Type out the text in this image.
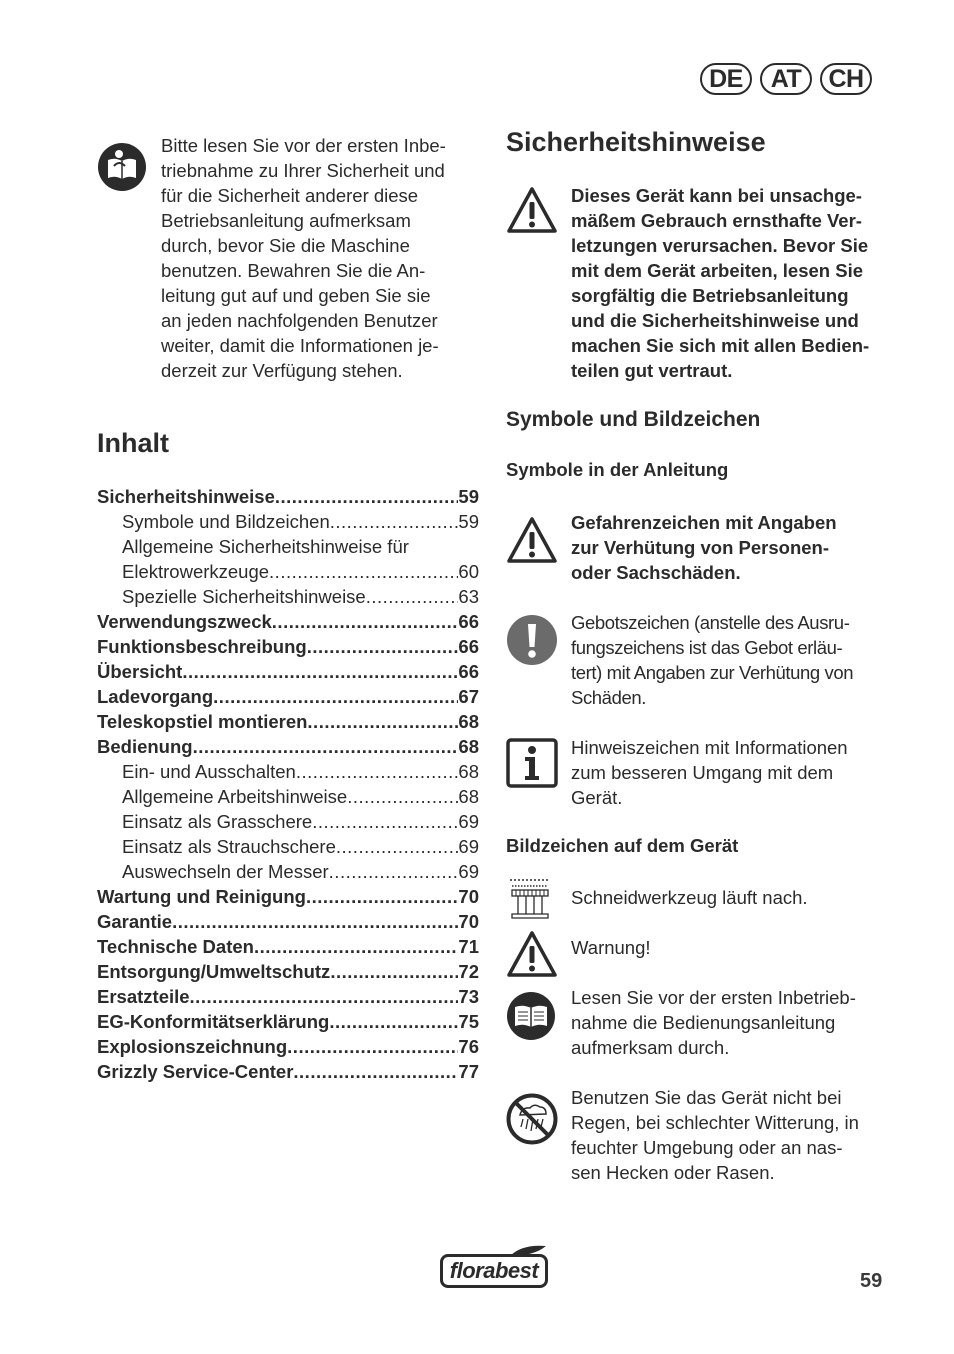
DE	AT	CH
Bitte lesen Sie vor der ersten Inbe-
triebnahme zu Ihrer Sicherheit und
für die Sicherheit anderer diese
Betriebsanleitung aufmerksam
durch, bevor Sie die Maschine
benutzen. Bewahren Sie die An-
leitung gut auf und geben Sie sie
an jeden nachfolgenden Benutzer
weiter, damit die Informationen je-
derzeit zur Verfügung stehen.
Inhalt
Sicherheitshinweise .....	59
Symbole und Bildzeichen .....	59
Allgemeine Sicherheitshinweise für
Elektrowerkzeuge .....	60
Spezielle Sicherheitshinweise .....	63
Verwendungszweck .....	66
Funktionsbeschreibung .....	66
Übersicht .....	66
Ladevorgang .....	67
Teleskopstiel montieren .....	68
Bedienung .....	68
Ein- und Ausschalten .....	68
Allgemeine Arbeitshinweise .....	68
Einsatz als Grasschere .....	69
Einsatz als Strauchschere .....	69
Auswechseln der Messer .....	69
Wartung und Reinigung .....	70
Garantie .....	70
Technische Daten .....	71
Entsorgung/Umweltschutz .....	72
Ersatzteile .....	73
EG-Konformitätserklärung .....	75
Explosionszeichnung .....	76
Grizzly Service-Center .....	77
Sicherheitshinweise
Dieses Gerät kann bei unsachge-
mäßem Gebrauch ernsthafte Ver-
letzungen verursachen. Bevor Sie
mit dem Gerät arbeiten, lesen Sie
sorgfältig die Betriebsanleitung
und die Sicherheitshinweise und
machen Sie sich mit allen Bedien-
teilen gut vertraut.
Symbole und Bildzeichen
Symbole in der Anleitung
Gefahrenzeichen mit Angaben
zur Verhütung von Personen-
oder Sachschäden.
Gebotszeichen (anstelle des Ausru-
fungszeichens ist das Gebot erläu-
tert) mit Angaben zur Verhütung von
Schäden.
Hinweiszeichen mit Informationen
zum besseren Umgang mit dem
Gerät.
Bildzeichen auf dem Gerät
Schneidwerkzeug läuft nach.
Warnung!
Lesen Sie vor der ersten Inbetrieb-
nahme die Bedienungsanleitung
aufmerksam durch.
Benutzen Sie das Gerät nicht bei
Regen, bei schlechter Witterung, in
feuchter Umgebung oder an nas-
sen Hecken oder Rasen.
florabest	59
